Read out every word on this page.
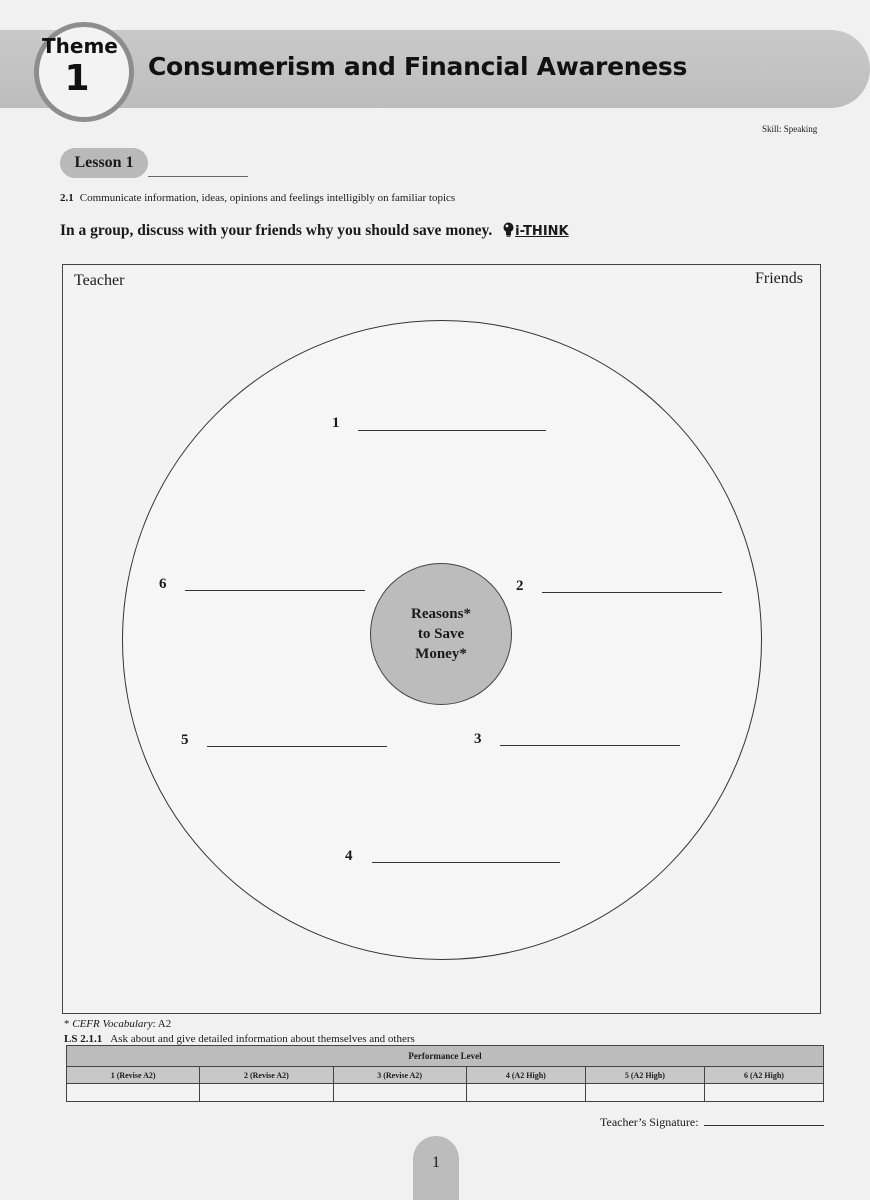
Theme
1	Consumerism and Financial Awareness
Skill: Speaking
Lesson 1
2.1 Communicate information, ideas, opinions and feelings intelligibly on familiar topics
In a group, discuss with your friends why you should save money. i-THINK
Teacher	Friends
Reasons*
to Save
Money*
1
2
3
4
5
6
* CEFR Vocabulary: A2
LS 2.1.1 Ask about and give detailed information about themselves and others
Performance Level					
1 (Revise A2)	2 (Revise A2)	3 (Revise A2)	4 (A2 High)	5 (A2 High)	6 (A2 High)

Teacher’s Signature:
1
